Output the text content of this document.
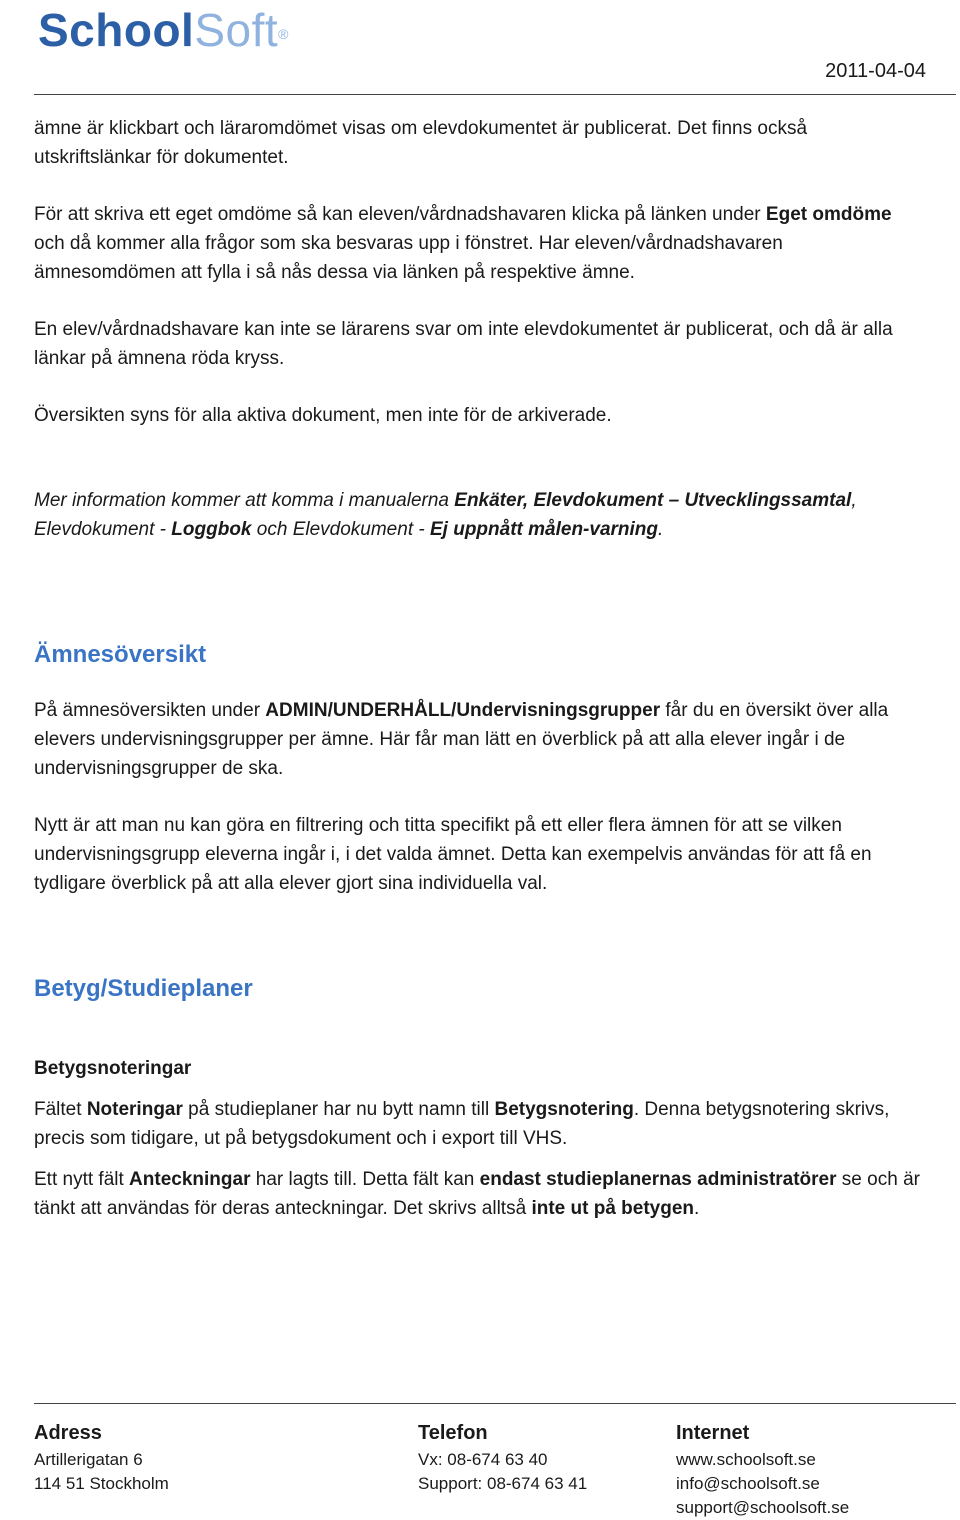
SchoolSoft®
2011-04-04

ämne är klickbart och läraromdömet visas om elevdokumentet är publicerat. Det finns också
utskriftslänkar för dokumentet.

För att skriva ett eget omdöme så kan eleven/vårdnadshavaren klicka på länken under Eget omdöme och då kommer alla frågor som ska besvaras upp i fönstret. Har eleven/vårdnadshavaren ämnesomdömen att fylla i så nås dessa via länken på respektive ämne.

En elev/vårdnadshavare kan inte se lärarens svar om inte elevdokumentet är publicerat, och då är alla länkar på ämnena röda kryss.

Översikten syns för alla aktiva dokument, men inte för de arkiverade.

Mer information kommer att komma i manualerna Enkäter, Elevdokument – Utvecklingssamtal, Elevdokument - Loggbok och Elevdokument - Ej uppnått målen-varning.

Ämnesöversikt

På ämnesöversikten under ADMIN/UNDERHÅLL/Undervisningsgrupper får du en översikt över alla elevers undervisningsgrupper per ämne. Här får man lätt en överblick på att alla elever ingår i de undervisningsgrupper de ska.

Nytt är att man nu kan göra en filtrering och titta specifikt på ett eller flera ämnen för att se vilken undervisningsgrupp eleverna ingår i, i det valda ämnet. Detta kan exempelvis användas för att få en tydligare överblick på att alla elever gjort sina individuella val.

Betyg/Studieplaner
Betygsnoteringar

Fältet Noteringar på studieplaner har nu bytt namn till Betygsnotering. Denna betygsnotering skrivs, precis som tidigare, ut på betygsdokument och i export till VHS.

Ett nytt fält Anteckningar har lagts till. Detta fält kan endast studieplanernas administratörer se och är tänkt att användas för deras anteckningar. Det skrivs alltså inte ut på betygen.

Adress
Artillerigatan 6
114 51 Stockholm
Telefon
Vx: 08-674 63 40
Support: 08-674 63 41
Internet
www.schoolsoft.se
info@schoolsoft.se
support@schoolsoft.se
